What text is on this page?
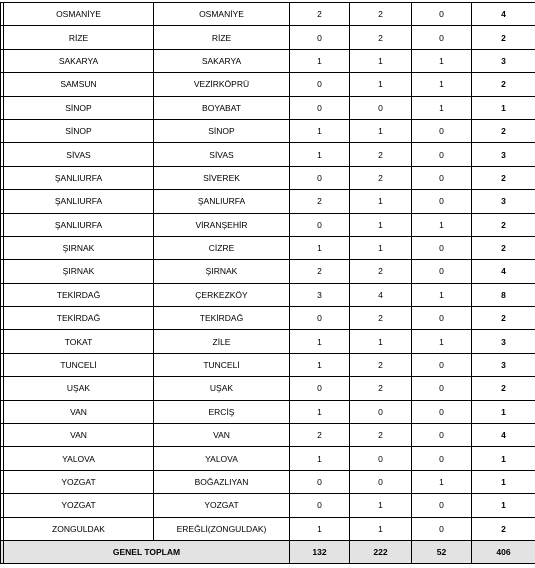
	OSMANİYE	OSMANİYE	2	2	0	4
	RİZE	RİZE	0	2	0	2
	SAKARYA	SAKARYA	1	1	1	3
	SAMSUN	VEZİRKÖPRÜ	0	1	1	2
	SİNOP	BOYABAT	0	0	1	1
	SİNOP	SİNOP	1	1	0	2
	SİVAS	SİVAS	1	2	0	3
	ŞANLIURFA	SİVEREK	0	2	0	2
	ŞANLIURFA	ŞANLIURFA	2	1	0	3
	ŞANLIURFA	VİRANŞEHİR	0	1	1	2
	ŞIRNAK	CİZRE	1	1	0	2
	ŞIRNAK	ŞIRNAK	2	2	0	4
	TEKİRDAĞ	ÇERKEZKÖY	3	4	1	8
	TEKİRDAĞ	TEKİRDAĞ	0	2	0	2
	TOKAT	ZİLE	1	1	1	3
	TUNCELİ	TUNCELİ	1	2	0	3
	UŞAK	UŞAK	0	2	0	2
	VAN	ERCİŞ	1	0	0	1
	VAN	VAN	2	2	0	4
	YALOVA	YALOVA	1	0	0	1
	YOZGAT	BOĞAZLIYAN	0	0	1	1
	YOZGAT	YOZGAT	0	1	0	1
	ZONGULDAK	EREĞLİ(ZONGULDAK)	1	1	0	2
	GENEL TOPLAM		132	222	52	406
